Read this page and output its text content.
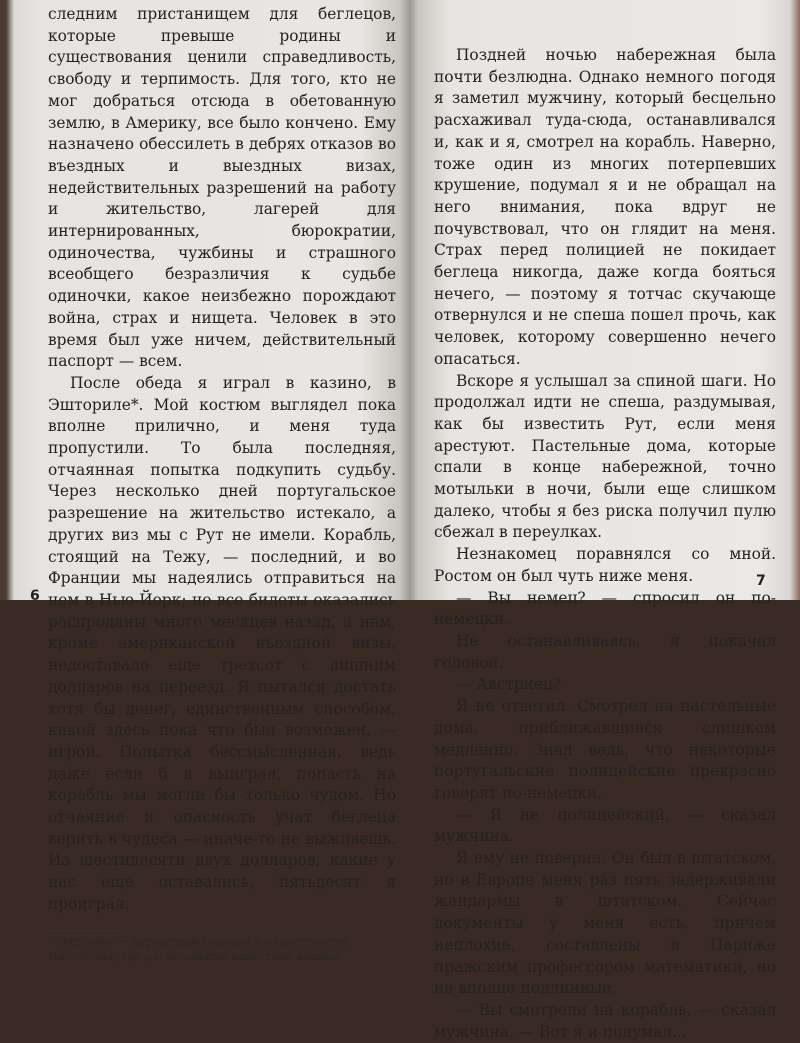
следним пристанищем для беглецов, которые превыше родины и существования ценили справедливость, свободу и терпимость. Для того, кто не мог добраться отсюда в обетованную землю, в Америку, все было кончено. Ему назначено обессилеть в дебрях отказов во въездных и выездных визах, недействительных разрешений на работу и жительство, лагерей для интернированных, бюрократии, одиночества, чужбины и страшного всеобщего безразличия к судьбе одиночки, какое неизбежно порождают война, страх и нищета. Человек в это время был уже ничем, действительный паспорт — всем.

После обеда я играл в казино, в Эшториле*. Мой костюм выглядел пока вполне прилично, и меня туда пропустили. То была последняя, отчаянная попытка подкупить судьбу. Через несколько дней португальское разрешение на жительство истекало, а других виз мы с Рут не имели. Корабль, стоящий на Тежу, — последний, и во Франции мы надеялись отправиться на нем в Нью-Йорк; но все билеты оказались распроданы много месяцев назад, а нам, кроме американской въездной визы, недоставало еще трехсот с лишним долларов на переезд. Я пытался достать хотя бы денег, единственным способом, какой здесь пока что был возможен, — игрой. Попытка бессмысленная, ведь даже если б я выиграл, попасть на корабль мы могли бы только чудом. Но отчаяние и опасность учат беглеца верить в чудеса — иначе-то не выживешь. Из шестидесяти двух долларов, какие у нас еще оставались, пятьдесят я проиграл.

* Эшторил — курортный городок в окрестностях Лиссабона, где расположено известное казино.

Поздней ночью набережная была почти безлюдна. Однако немного погодя я заметил мужчину, который бесцельно расхаживал туда-сюда, останавливался и, как и я, смотрел на корабль. Наверно, тоже один из многих потерпевших крушение, подумал я и не обращал на него внимания, пока вдруг не почувствовал, что он глядит на меня. Страх перед полицией не покидает беглеца никогда, даже когда бояться нечего, — поэтому я тотчас скучающе отвернулся и не спеша пошел прочь, как человек, которому совершенно нечего опасаться.

Вскоре я услышал за спиной шаги. Но продолжал идти не спеша, раздумывая, как бы известить Рут, если меня арестуют. Пастельные дома, которые спали в конце набережной, точно мотыльки в ночи, были еще слишком далеко, чтобы я без риска получил пулю сбежал в переулках.

Незнакомец поравнялся со мной. Ростом он был чуть ниже меня.

— Вы немец? — спросил он по-немецки.

Не останавливаясь, я покачал головой.

— Австриец?

Я не ответил. Смотрел на пастельные дома, приближавшиеся слишком медленно. Знал ведь, что некоторые португальские полицейские прекрасно говорят по-немецки.

— Я не полицейский, — сказал мужчина.

Я ему не поверил. Он был в штатском, но в Европе меня раз пять задерживали жандармы в штатском. Сейчас документы у меня есть, причем неплохие, составлены в Париже пражским профессором математики, но не вполне подлинные.

— Вы смотрели на корабль, — сказал мужчина. — Вот я и подумал...

6
7
